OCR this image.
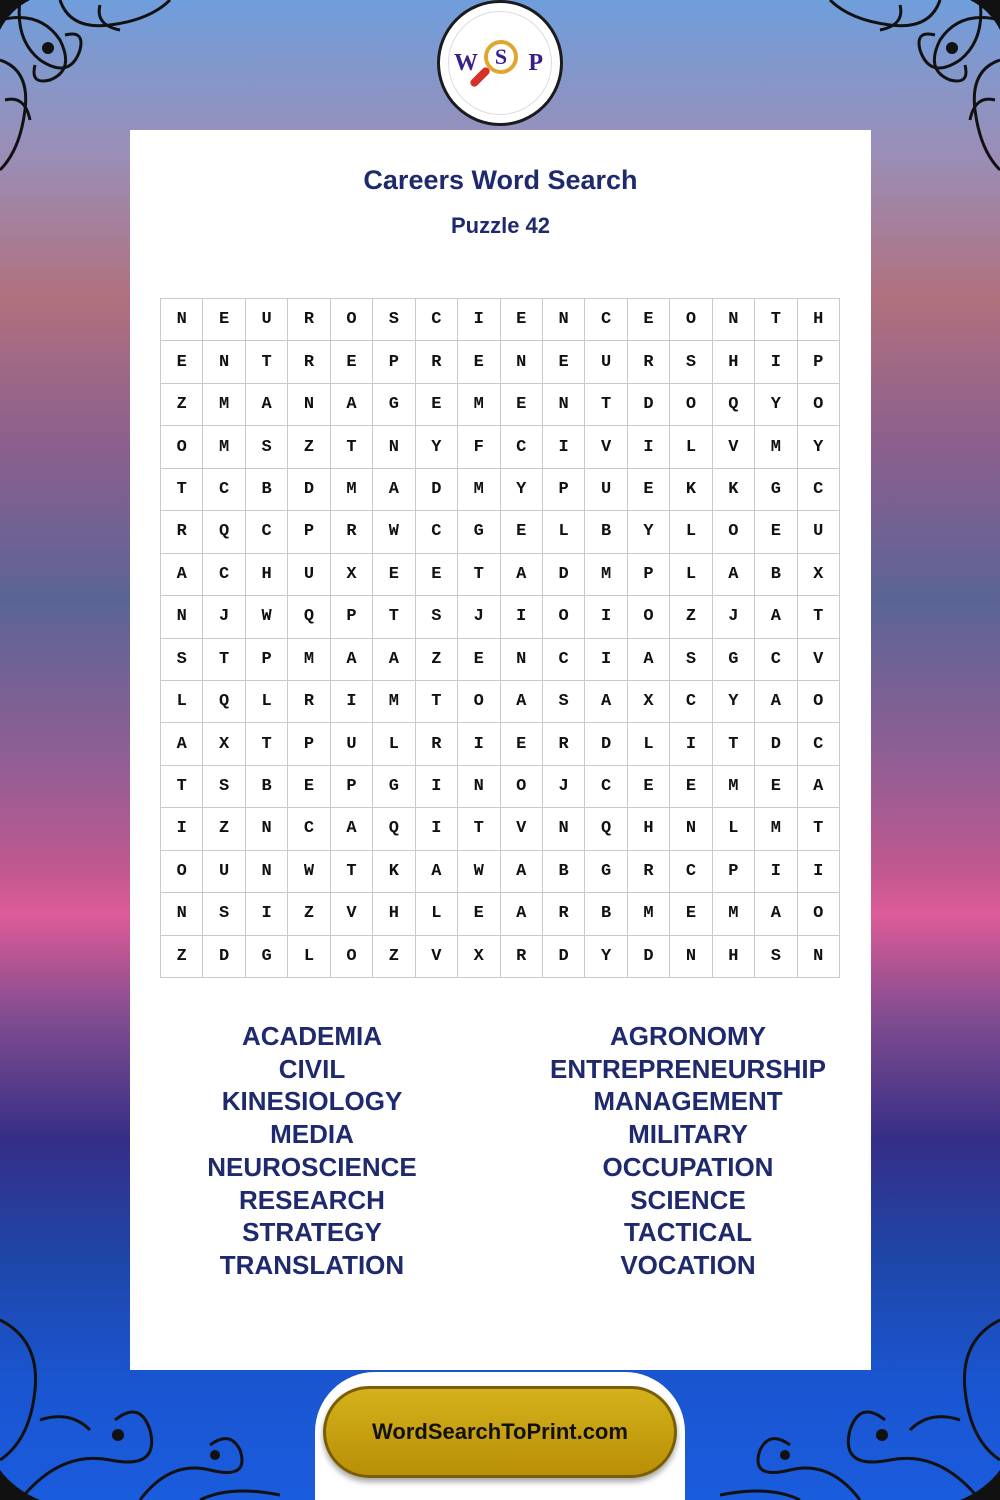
W S P
Careers Word Search
Puzzle 42
N	E	U	R	O	S	C	I	E	N	C	E	O	N	T	H
E	N	T	R	E	P	R	E	N	E	U	R	S	H	I	P
Z	M	A	N	A	G	E	M	E	N	T	D	O	Q	Y	O
O	M	S	Z	T	N	Y	F	C	I	V	I	L	V	M	Y
T	C	B	D	M	A	D	M	Y	P	U	E	K	K	G	C
R	Q	C	P	R	W	C	G	E	L	B	Y	L	O	E	U
A	C	H	U	X	E	E	T	A	D	M	P	L	A	B	X
N	J	W	Q	P	T	S	J	I	O	I	O	Z	J	A	T
S	T	P	M	A	A	Z	E	N	C	I	A	S	G	C	V
L	Q	L	R	I	M	T	O	A	S	A	X	C	Y	A	O
A	X	T	P	U	L	R	I	E	R	D	L	I	T	D	C
T	S	B	E	P	G	I	N	O	J	C	E	E	M	E	A
I	Z	N	C	A	Q	I	T	V	N	Q	H	N	L	M	T
O	U	N	W	T	K	A	W	A	B	G	R	C	P	I	I
N	S	I	Z	V	H	L	E	A	R	B	M	E	M	A	O
Z	D	G	L	O	Z	V	X	R	D	Y	D	N	H	S	N
ACADEMIA
CIVIL
KINESIOLOGY
MEDIA
NEUROSCIENCE
RESEARCH
STRATEGY
TRANSLATION
AGRONOMY
ENTREPRENEURSHIP
MANAGEMENT
MILITARY
OCCUPATION
SCIENCE
TACTICAL
VOCATION
WordSearchToPrint.com
